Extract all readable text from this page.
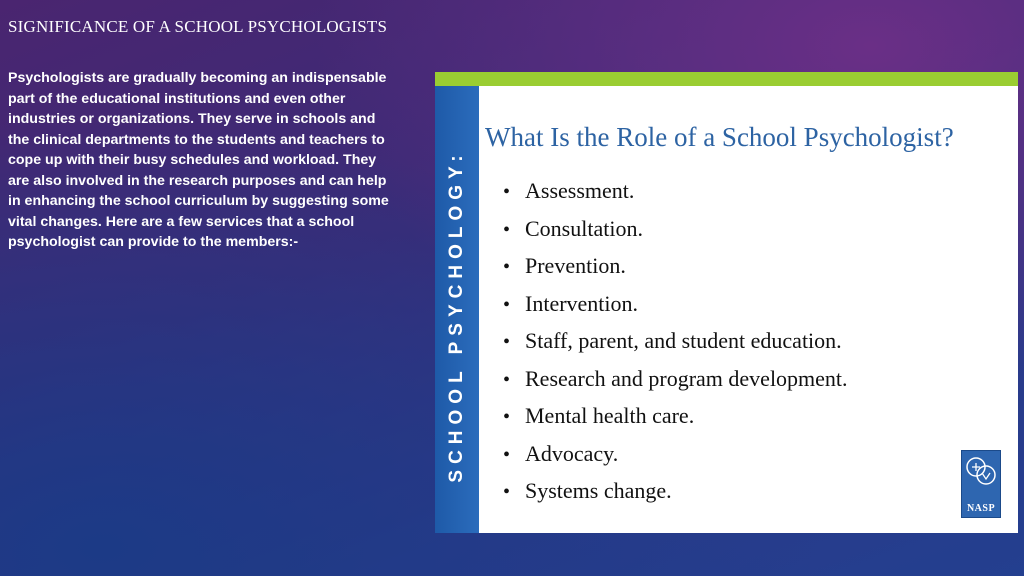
SIGNIFICANCE OF A SCHOOL PSYCHOLOGISTS
Psychologists are gradually becoming an indispensable part of the educational institutions and even other industries or organizations. They serve in schools and the clinical departments to the students and teachers to cope up with their busy schedules and workload. They are also involved in the research purposes and can help in enhancing the school curriculum by suggesting some vital changes. Here are a few services that a school psychologist can provide to the members:-	SCHOOL PSYCHOLOGY:
What Is the Role of a School Psychologist?
• Assessment.
• Consultation.
• Prevention.
• Intervention.
• Staff, parent, and student education.
• Research and program development.
• Mental health care.
• Advocacy.
• Systems change.
NASP
